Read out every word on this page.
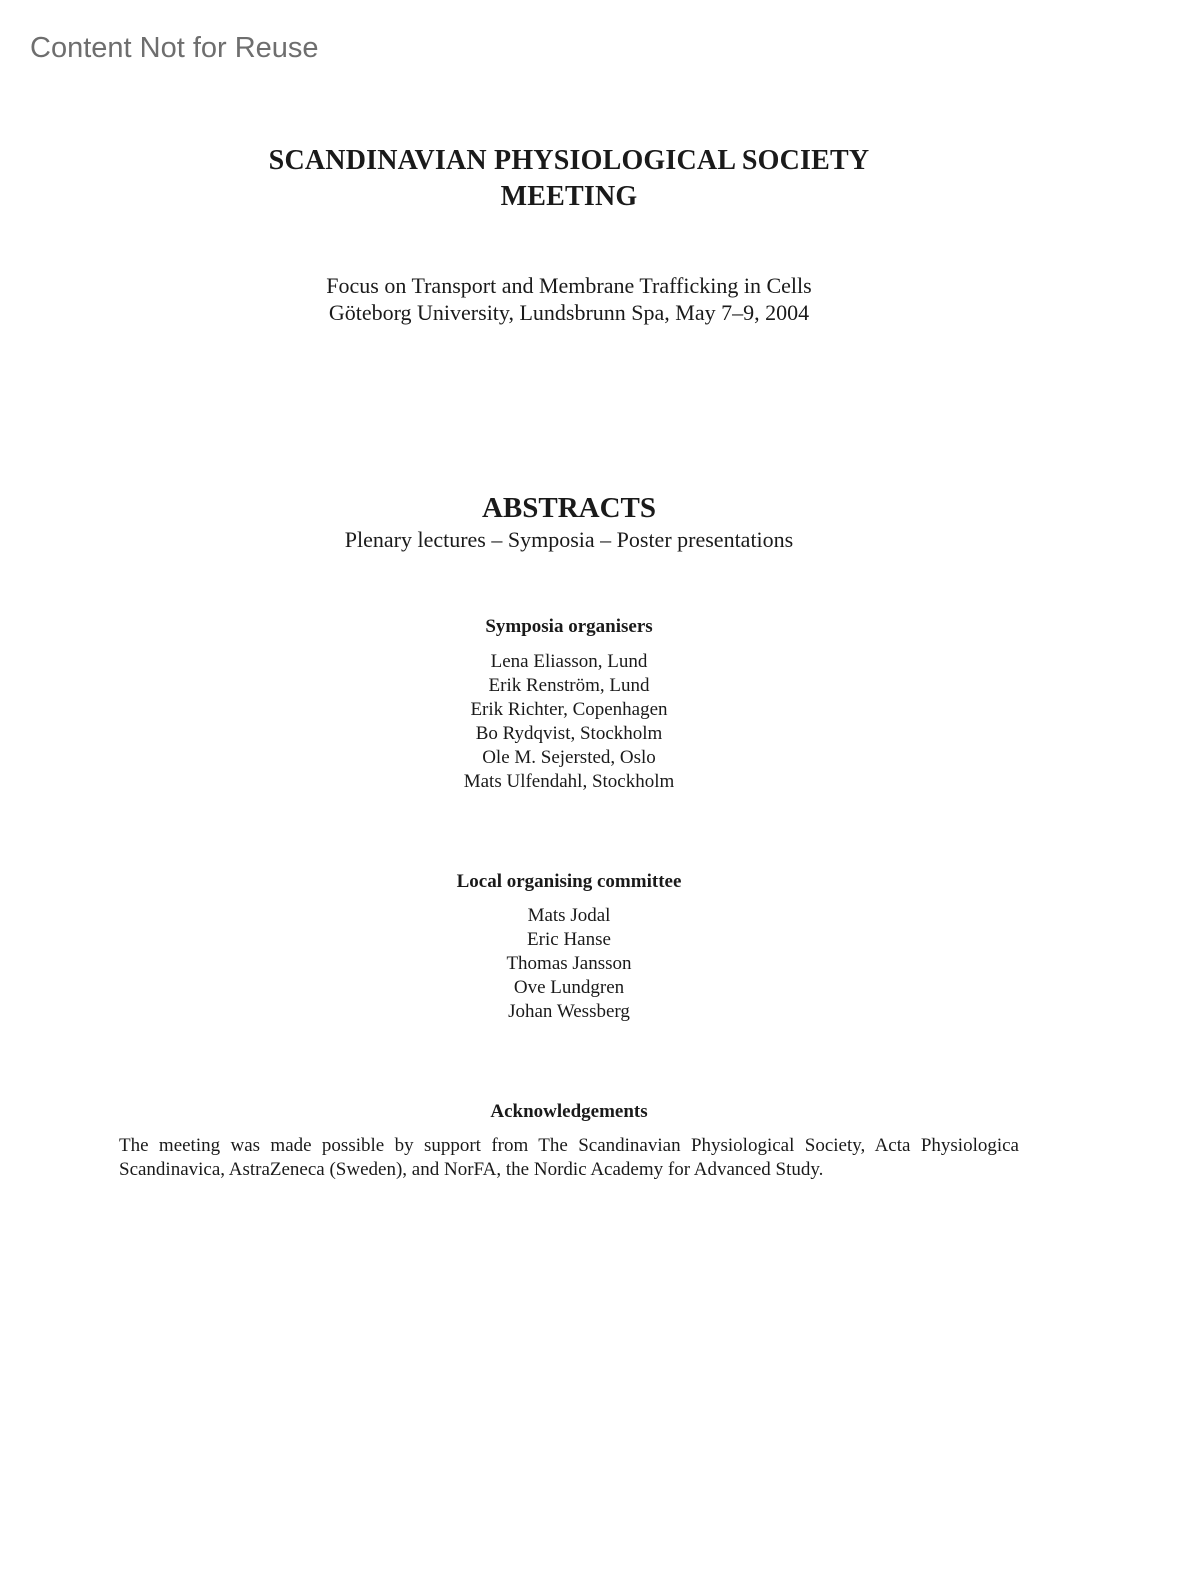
Content Not for Reuse
SCANDINAVIAN PHYSIOLOGICAL SOCIETY
MEETING
Focus on Transport and Membrane Trafficking in Cells
Göteborg University, Lundsbrunn Spa, May 7–9, 2004
ABSTRACTS
Plenary lectures – Symposia – Poster presentations
Symposia organisers
Lena Eliasson, Lund
Erik Renström, Lund
Erik Richter, Copenhagen
Bo Rydqvist, Stockholm
Ole M. Sejersted, Oslo
Mats Ulfendahl, Stockholm
Local organising committee
Mats Jodal
Eric Hanse
Thomas Jansson
Ove Lundgren
Johan Wessberg
Acknowledgements
The meeting was made possible by support from The Scandinavian Physiological Society, Acta Physiologica
Scandinavica, AstraZeneca (Sweden), and NorFA, the Nordic Academy for Advanced Study.
